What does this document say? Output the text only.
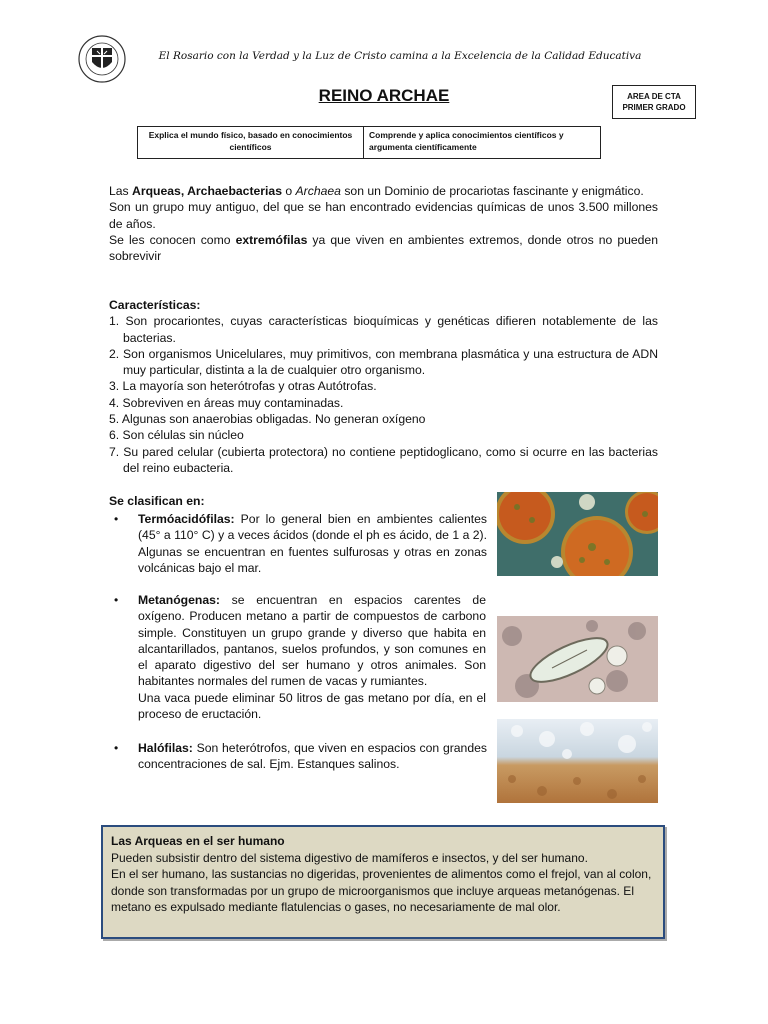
El Rosario con la Verdad y la Luz de Cristo camina a la Excelencia de la Calidad Educativa
REINO ARCHAE	AREA DE CTA
PRIMER GRADO
Explica el mundo físico, basado en conocimientos científicos
Comprende y aplica conocimientos científicos y argumenta científicamente

Las Arqueas, Archaebacterias o Archaea son un Dominio de procariotas fascinante y enigmático.

Son un grupo muy antiguo, del que se han encontrado evidencias químicas de unos 3.500 millones de años.

Se les conocen como extremófilas ya que viven en ambientes extremos, donde otros no pueden sobrevivir

Características:
1. Son procariontes, cuyas características bioquímicas y genéticas difieren notablemente de las bacterias.
2. Son organismos Unicelulares, muy primitivos, con membrana plasmática y una estructura de ADN muy particular, distinta a la de cualquier otro organismo.
3. La mayoría son heterótrofas y otras Autótrofas.
4. Sobreviven en áreas muy contaminadas.
5. Algunas son anaerobias obligadas. No generan oxígeno
6. Son células sin núcleo
7. Su pared celular (cubierta protectora) no contiene peptidoglicano, como si ocurre en las bacterias del reino eubacteria.
Se clasifican en:
• Termóacidófilas: Por lo general bien en ambientes calientes (45° a 110° C) y a veces ácidos (donde el ph es ácido, de 1 a 2). Algunas se encuentran en fuentes sulfurosas y otras en zonas volcánicas bajo el mar.
• Metanógenas: se encuentran en espacios carentes de oxígeno. Producen metano a partir de compuestos de carbono simple. Constituyen un grupo grande y diverso que habita en alcantarillados, pantanos, suelos profundos, y son comunes en el aparato digestivo del ser humano y otros animales. Son habitantes normales del rumen de vacas y rumiantes.
Una vaca puede eliminar 50 litros de gas metano por día, en el proceso de eructación.
• Halófilas: Son heterótrofos, que viven en espacios con grandes concentraciones de sal. Ejm. Estanques salinos.

Las Arqueas en el ser humano

Pueden subsistir dentro del sistema digestivo de mamíferos e insectos, y del ser humano.

En el ser humano, las sustancias no digeridas, provenientes de alimentos como el frejol, van al colon, donde son transformadas por un grupo de microorganismos que incluye arqueas metanógenas. El metano es expulsado mediante flatulencias o gases, no necesariamente de mal olor.
